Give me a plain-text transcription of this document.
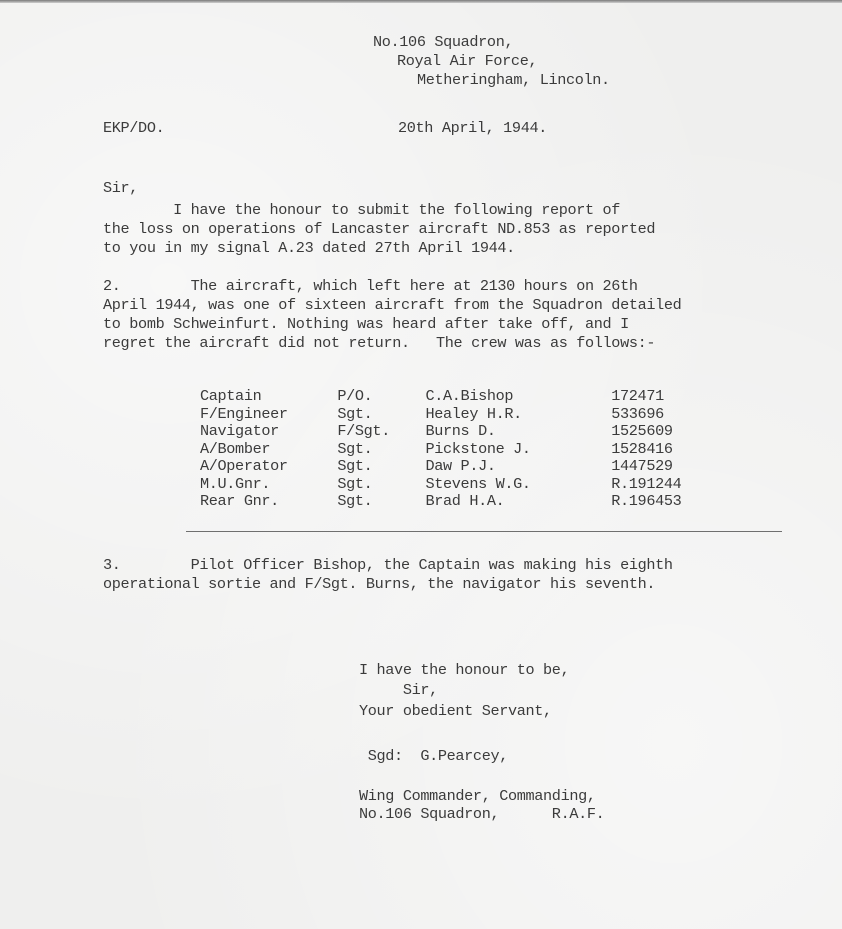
No.106 Squadron,
Royal Air Force,
Metheringham, Lincoln.
EKP/DO.	20th April, 1944.
Sir,
I have the honour to submit the following report of
the loss on operations of Lancaster aircraft ND.853 as reported
to you in my signal A.23 dated 27th April 1944.
2.        The aircraft, which left here at 2130 hours on 26th
April 1944, was one of sixteen aircraft from the Squadron detailed
to bomb Schweinfurt. Nothing was heard after take off, and I
regret the aircraft did not return.   The crew was as follows:-
Captain	P/O.	C.A.Bishop	172471
F/Engineer	Sgt.	Healey H.R.	533696
Navigator	F/Sgt.	Burns D.	1525609
A/Bomber	Sgt.	Pickstone J.	1528416
A/Operator	Sgt.	Daw P.J.	1447529
M.U.Gnr.	Sgt.	Stevens W.G.	R.191244
Rear Gnr.	Sgt.	Brad H.A.	R.196453
3.        Pilot Officer Bishop, the Captain was making his eighth
operational sortie and F/Sgt. Burns, the navigator his seventh.
I have the honour to be,
Sir,
Your obedient Servant,
Sgd:  G.Pearcey,
Wing Commander, Commanding,
No.106 Squadron,      R.A.F.
